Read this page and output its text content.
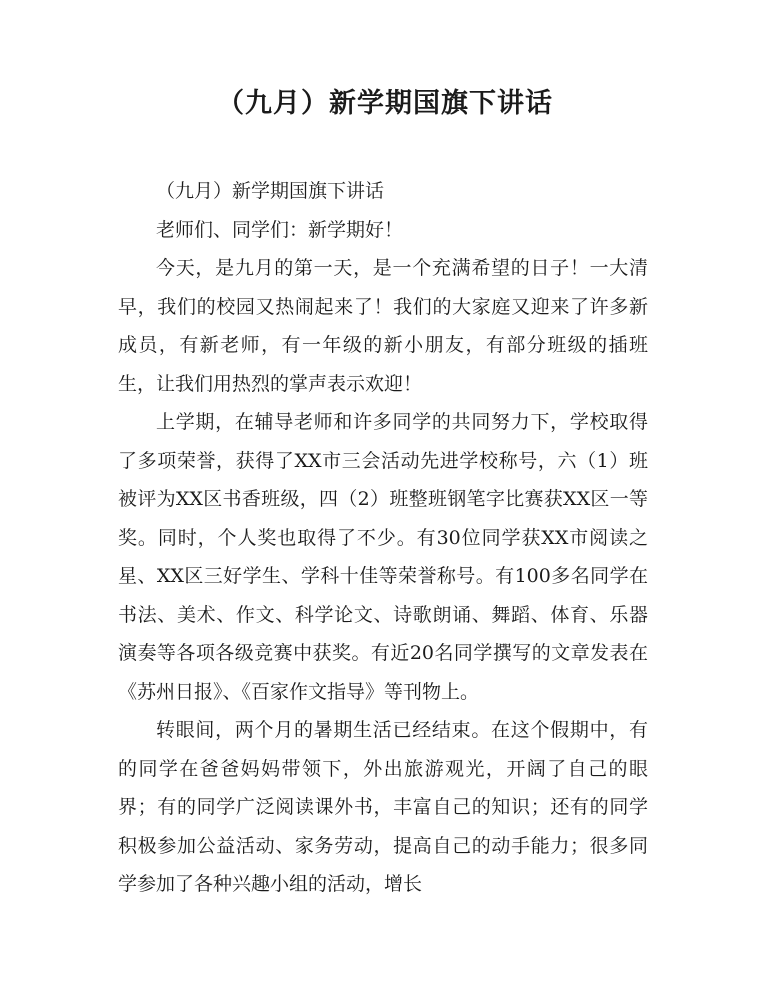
（九月）新学期国旗下讲话

（九月）新学期国旗下讲话

老师们、同学们：新学期好！

今天，是九月的第一天，是一个充满希望的日子！一大清早，我们的校园又热闹起来了！我们的大家庭又迎来了许多新成员，有新老师，有一年级的新小朋友，有部分班级的插班生，让我们用热烈的掌声表示欢迎！

上学期，在辅导老师和许多同学的共同努力下，学校取得了多项荣誉，获得了XX市三会活动先进学校称号，六（1）班被评为XX区书香班级，四（2）班整班钢笔字比赛获XX区一等奖。同时，个人奖也取得了不少。有30位同学获XX市阅读之星、XX区三好学生、学科十佳等荣誉称号。有100多名同学在书法、美术、作文、科学论文、诗歌朗诵、舞蹈、体育、乐器演奏等各项各级竞赛中获奖。有近20名同学撰写的文章发表在《苏州日报》、《百家作文指导》等刊物上。

转眼间，两个月的暑期生活已经结束。在这个假期中，有的同学在爸爸妈妈带领下，外出旅游观光，开阔了自己的眼界；有的同学广泛阅读课外书，丰富自己的知识；还有的同学积极参加公益活动、家务劳动，提高自己的动手能力；很多同学参加了各种兴趣小组的活动，增长
